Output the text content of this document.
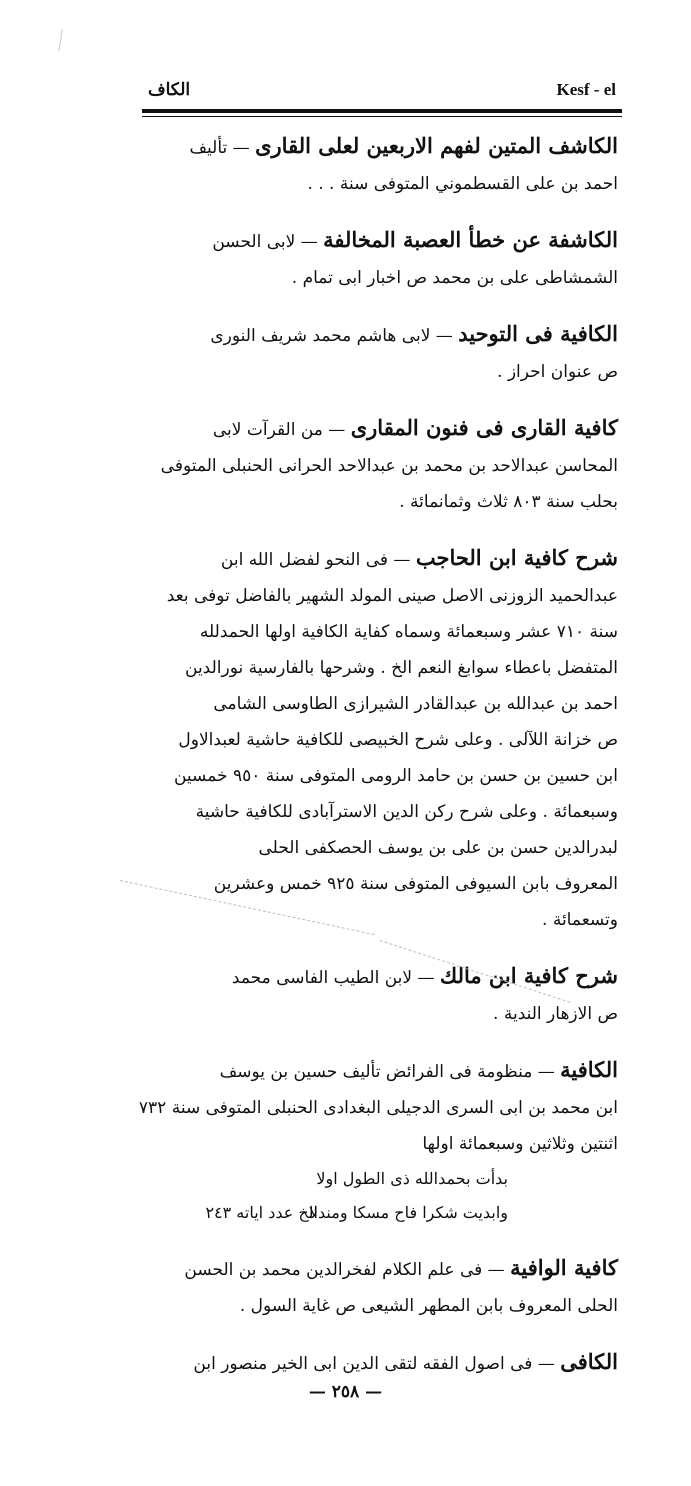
الكاف	Kesf - el
الكاشف المتين لفهم الاربعين لعلى القارى — تأليف
احمد بن على القسطموني المتوفى سنة . . .
الكاشفة عن خطأ العصبة المخالفة — لابى الحسن
الشمشاطى على بن محمد ص اخبار ابى تمام .
الكافية فى التوحيد — لابى هاشم محمد شريف النورى
ص عنوان احراز .
كافية القارى فى فنون المقارى — من القرآت لابى
المحاسن عبدالاحد بن محمد بن عبدالاحد الحرانى الحنبلى المتوفى
بحلب سنة ٨٠٣ ثلاث وثمانمائة .
شرح كافية ابن الحاجب — فى النحو لفضل الله ابن
عبدالحميد الزوزنى الاصل صينى المولد الشهير بالفاضل توفى بعد
سنة ٧١٠ عشر وسبعمائة وسماه كفاية الكافية اولها الحمدلله
المتفضل باعطاء سوابغ النعم الخ . وشرحها بالفارسية نورالدين
احمد بن عبدالله بن عبدالقادر الشيرازى الطاوسى الشامى
ص خزانة اللآلى . وعلى شرح الخبيصى للكافية حاشية لعبدالاول
ابن حسين بن حسن بن حامد الرومى المتوفى سنة ٩٥٠ خمسين
وسبعمائة . وعلى شرح ركن الدين الاسترآبادى للكافية حاشية
لبدرالدين حسن بن على بن يوسف الحصكفى الحلى
المعروف بابن السيوفى المتوفى سنة ٩٢٥ خمس وعشرين
وتسعمائة .
شرح كافية ابن مالك — لابن الطيب الفاسى محمد
ص الازهار الندية .
الكافية — منظومة فى الفرائض تأليف حسين بن يوسف
ابن محمد بن ابى السرى الدجيلى البغدادى الحنبلى المتوفى سنة ٧٣٢
اثنتين وثلاثين وسبعمائة اولها
بدأت بحمدالله ذى الطول اولا
وابديت شكرا فاح مسكا ومندلاالخ عدد اياته ٢٤٣
كافية الوافية — فى علم الكلام لفخرالدين محمد بن الحسن
الحلى المعروف بابن المطهر الشيعى ص غاية السول .
الكافى — فى اصول الفقه لتقى الدين ابى الخير منصور ابن
— ٢٥٨ —
